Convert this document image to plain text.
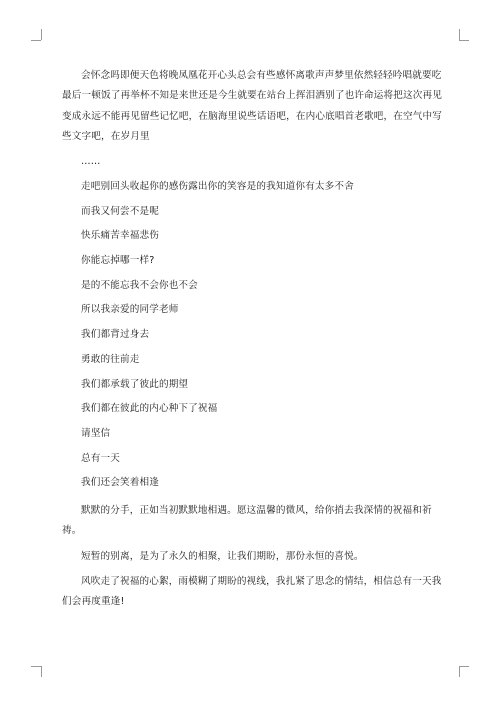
会怀念吗即便天色将晚凤凰花开心头总会有些感怀离歌声声梦里依然轻轻吟唱就要吃最后一顿饭了再举杯不知是来世还是今生就要在站台上挥泪洒别了也许命运将把这次再见变成永远不能再见留些记忆吧，在脑海里说些话语吧，在内心底唱首老歌吧，在空气中写些文字吧，在岁月里

……

走吧别回头收起你的感伤露出你的笑容是的我知道你有太多不舍

而我又何尝不是呢

快乐痛苦幸福悲伤

你能忘掉哪一样?

是的不能忘我不会你也不会

所以我亲爱的同学老师

我们都背过身去

勇敢的往前走

我们都承载了彼此的期望

我们都在彼此的内心种下了祝福

请坚信

总有一天

我们还会笑着相逢

默默的分手，正如当初默默地相遇。愿这温馨的微风，给你捎去我深情的祝福和祈祷。

短暂的别离，是为了永久的相聚，让我们期盼，那份永恒的喜悦。

风吹走了祝福的心絮，雨模糊了期盼的视线，我扎紧了思念的情结，相信总有一天我们会再度重逢!
